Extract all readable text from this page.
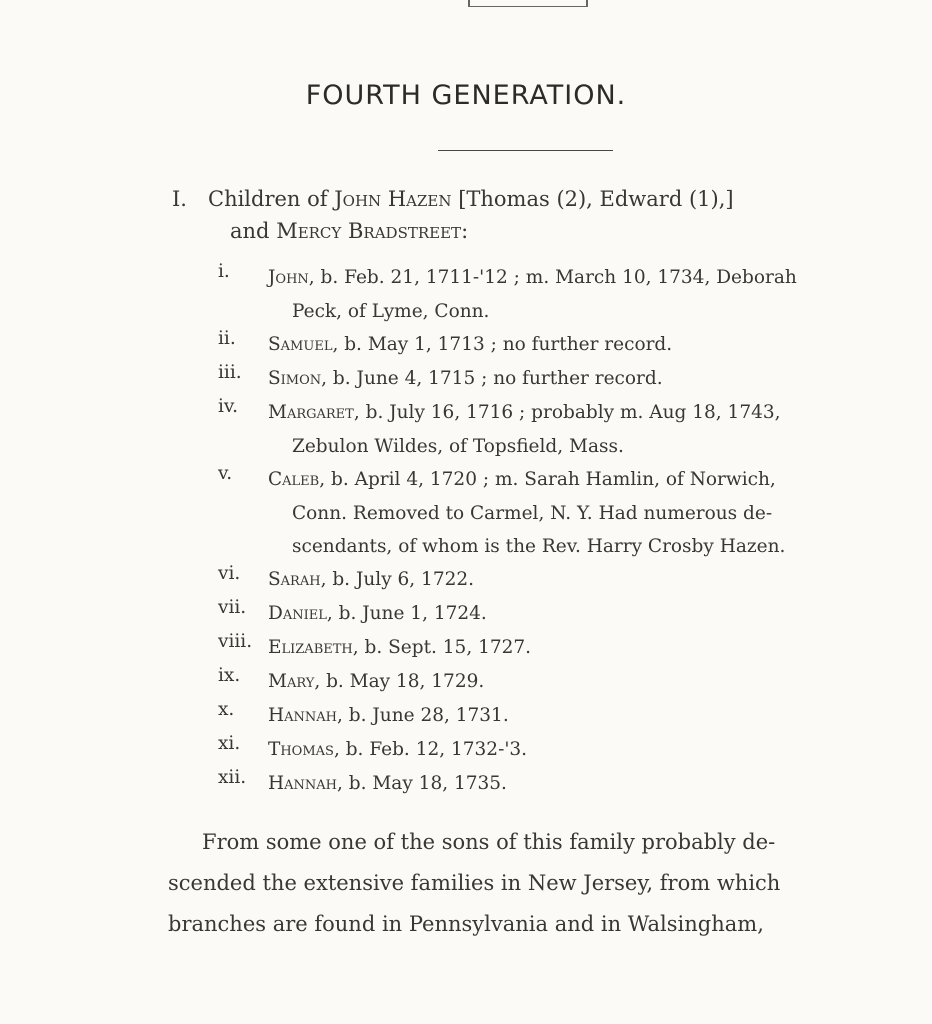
FOURTH GENERATION.

I. Children of John Hazen [Thomas (2), Edward (1),]
and Mercy Bradstreet:

i.	John, b. Feb. 21, 1711-'12 ; m. March 10, 1734, Deborah
Peck, of Lyme, Conn.
ii.	Samuel, b. May 1, 1713 ; no further record.
iii.	Simon, b. June 4, 1715 ; no further record.
iv.	Margaret, b. July 16, 1716 ; probably m. Aug 18, 1743,
Zebulon Wildes, of Topsfield, Mass.
v.	Caleb, b. April 4, 1720 ; m. Sarah Hamlin, of Norwich,
Conn. Removed to Carmel, N. Y. Had numerous de-
scendants, of whom is the Rev. Harry Crosby Hazen.
vi.	Sarah, b. July 6, 1722.
vii.	Daniel, b. June 1, 1724.
viii. Elizabeth, b. Sept. 15, 1727.
ix.	Mary, b. May 18, 1729.
x.	Hannah, b. June 28, 1731.
xi.	Thomas, b. Feb. 12, 1732-'3.
xii.	Hannah, b. May 18, 1735.

From some one of the sons of this family probably de-
scended the extensive families in New Jersey, from which
branches are found in Pennsylvania and in Walsingham,
